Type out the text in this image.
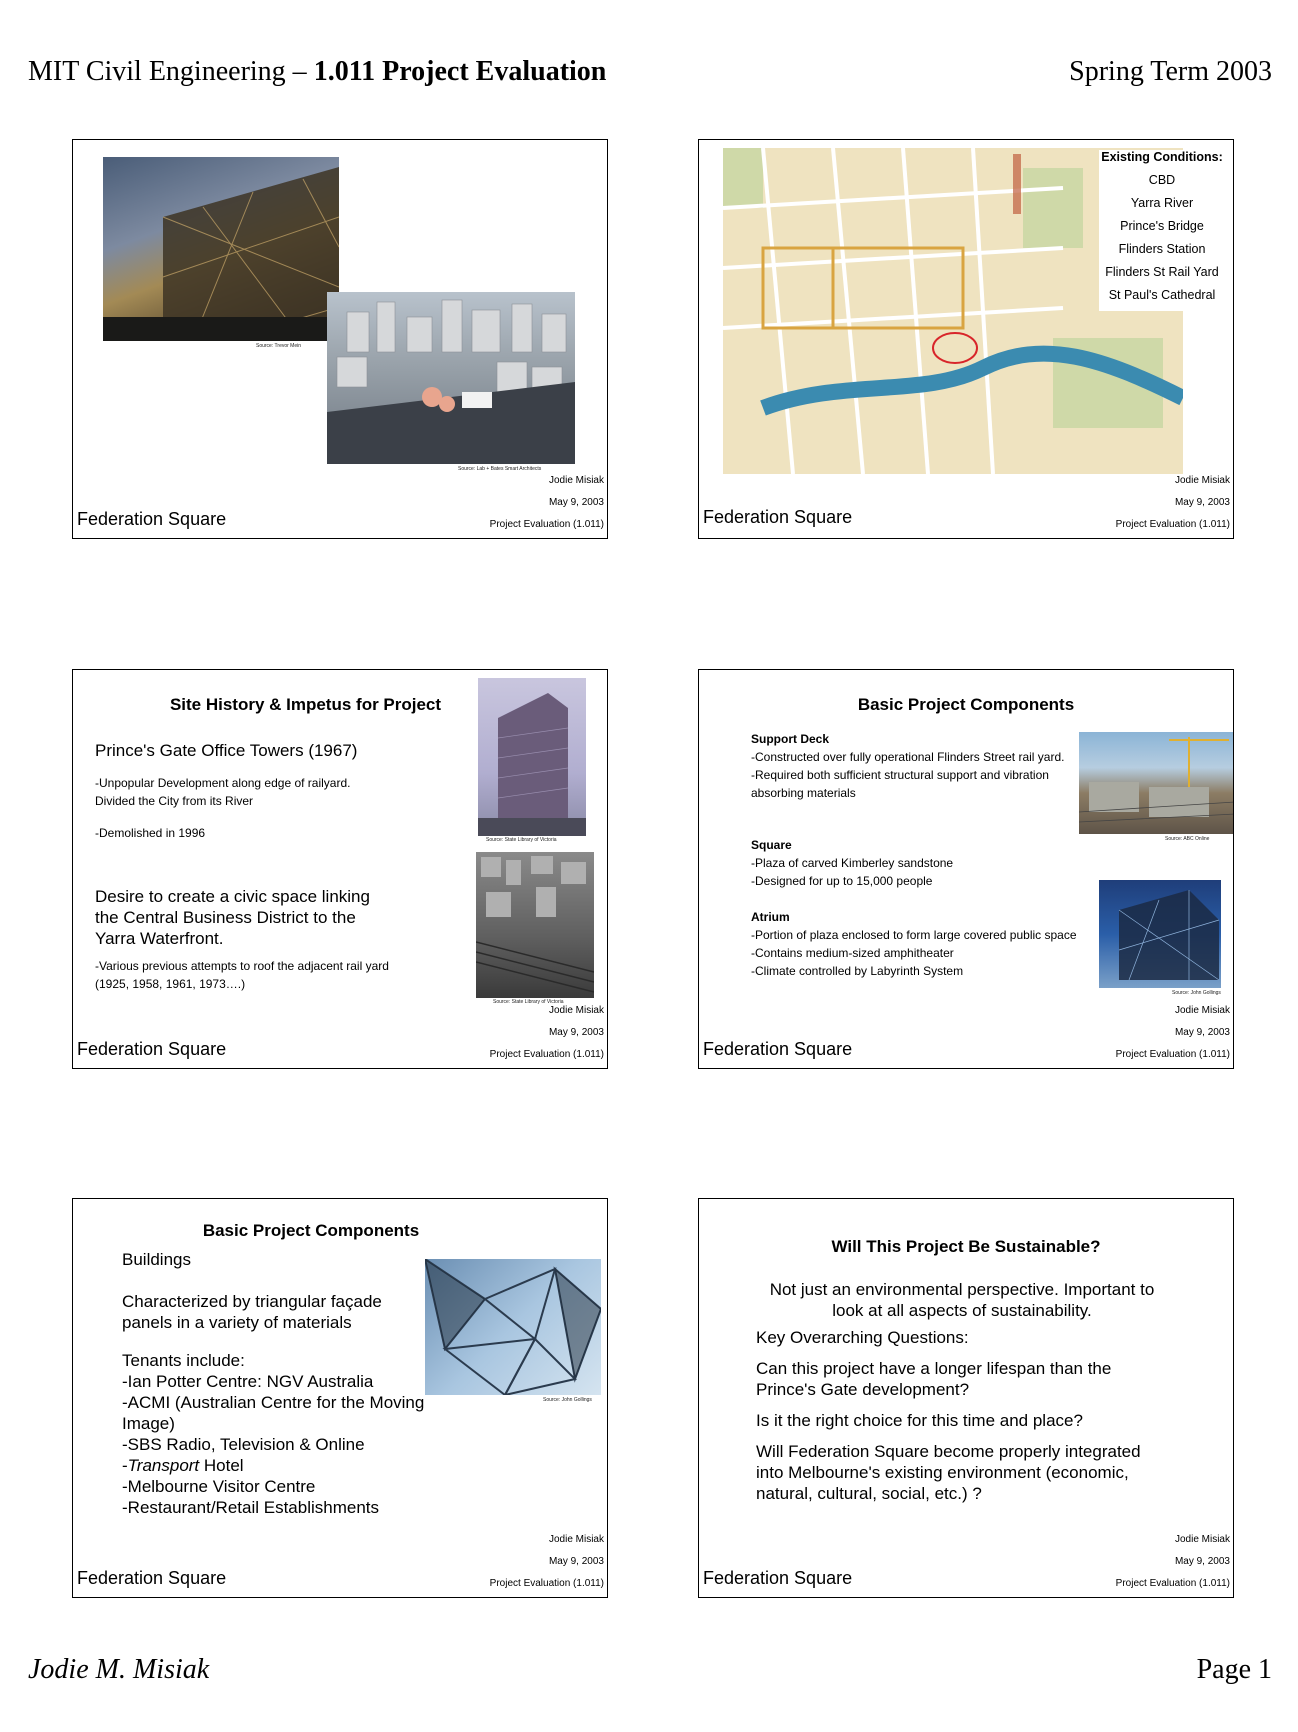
MIT Civil Engineering – 1.011 Project Evaluation	Spring Term 2003
Source: Trevor Mein
Source: Lab + Bates Smart Architects
Federation Square
Jodie Misiak
May 9, 2003
Project Evaluation (1.011)
Existing Conditions:
CBD
Yarra River
Prince's Bridge
Flinders Station
Flinders St Rail Yard
St Paul's Cathedral
Federation Square
Jodie Misiak
May 9, 2003
Project Evaluation (1.011)
Site History & Impetus for Project
Prince's Gate Office Towers (1967)
-Unpopular Development along edge of railyard. Divided the City from its River
-Demolished in 1996
Desire to create a civic space linking the Central Business District to the Yarra Waterfront.
-Various previous attempts to roof the adjacent rail yard (1925, 1958, 1961, 1973….)
Source: State Library of Victoria
Source: State Library of Victoria
Federation Square
Jodie Misiak
May 9, 2003
Project Evaluation (1.011)
Basic Project Components
Support Deck
-Constructed over fully operational Flinders Street rail yard.
-Required both sufficient structural support and vibration absorbing materials
Square
-Plaza of carved Kimberley sandstone
-Designed for up to 15,000 people
Atrium
-Portion of plaza enclosed to form large covered public space
-Contains medium-sized amphitheater
-Climate controlled by Labyrinth System
Source: ABC Online
Source: John Gollings
Federation Square
Jodie Misiak
May 9, 2003
Project Evaluation (1.011)
Basic Project Components
Buildings
Characterized by triangular façade panels in a variety of materials
Tenants include:
-Ian Potter Centre: NGV Australia
-ACMI (Australian Centre for the Moving Image)
-SBS Radio, Television & Online
-Transport Hotel
-Melbourne Visitor Centre
-Restaurant/Retail Establishments
Source: John Gollings
Federation Square
Jodie Misiak
May 9, 2003
Project Evaluation (1.011)
Will This Project Be Sustainable?
Not just an environmental perspective. Important to look at all aspects of sustainability.
Key Overarching Questions:
Can this project have a longer lifespan than the Prince's Gate development?
Is it the right choice for this time and place?
Will Federation Square become properly integrated into Melbourne's existing environment (economic, natural, cultural, social, etc.) ?
Federation Square
Jodie Misiak
May 9, 2003
Project Evaluation (1.011)
Jodie M. Misiak	Page 1
